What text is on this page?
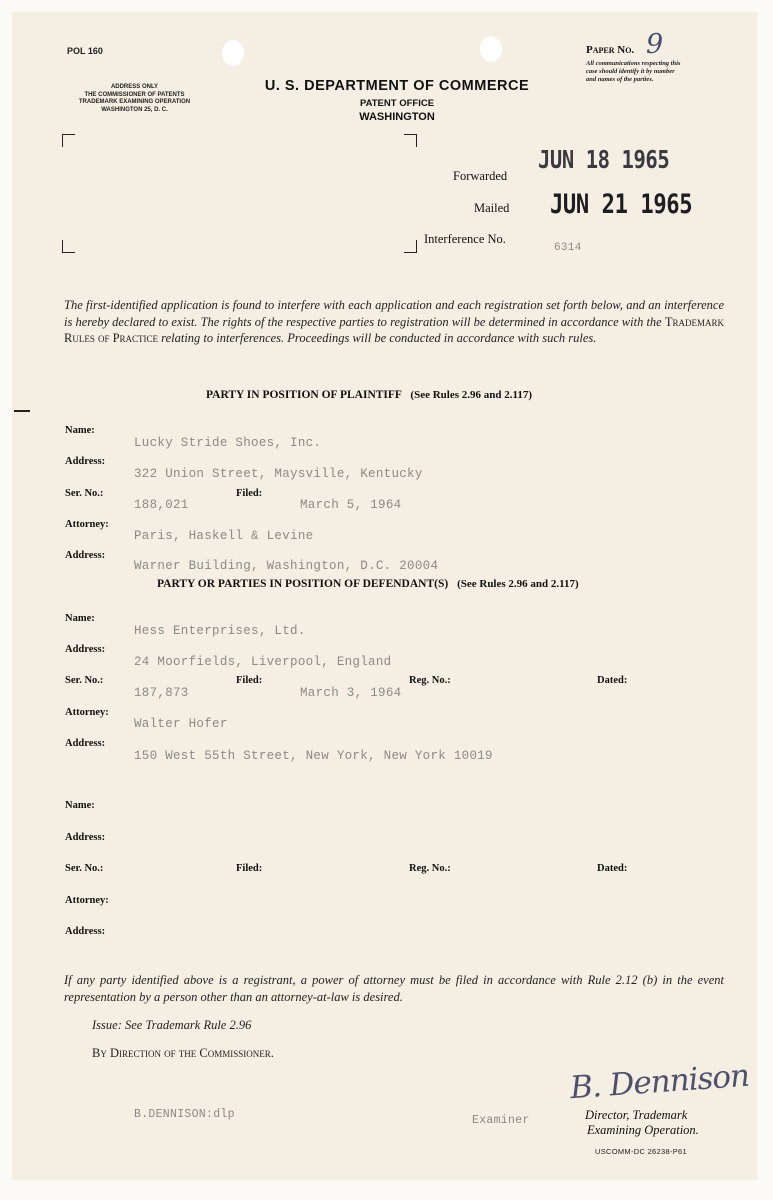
POL 160
ADDRESS ONLY
THE COMMISSIONER OF PATENTS
TRADEMARK EXAMINING OPERATION
WASHINGTON 25, D. C.
U. S. DEPARTMENT OF COMMERCE
PATENT OFFICE
WASHINGTON
Paper No. 9
All communications respecting this
case should identify it by number
and names of the parties.
Forwarded
JUN 18 1965
Mailed JUN 21 1965
Interference No.
6314
The first-identified application is found to interfere with each application and each registration set forth below, and an interference is hereby declared to exist. The rights of the respective parties to registration will be determined in accordance with the Trademark Rules of Practice relating to interferences. Proceedings will be conducted in accordance with such rules.
PARTY IN POSITION OF PLAINTIFF (See Rules 2.96 and 2.117)
Name:
Lucky Stride Shoes, Inc.
Address:
322 Union Street, Maysville, Kentucky
Ser. No.:
188,021
Filed:
March 5, 1964
Attorney:
Paris, Haskell & Levine
Address:
Warner Building, Washington, D.C. 20004
PARTY OR PARTIES IN POSITION OF DEFENDANT(S) (See Rules 2.96 and 2.117)
Name:
Hess Enterprises, Ltd.
Address:
24 Moorfields, Liverpool, England
Ser. No.:
187,873
Filed:
March 3, 1964
Reg. No.:	Dated:
Attorney:
Walter Hofer
Address:
150 West 55th Street, New York, New York 10019
Name:
Address:
Ser. No.:	Filed:	Reg. No.:	Dated:
Attorney:
Address:
If any party identified above is a registrant, a power of attorney must be filed in accordance with Rule 2.12 (b) in the event representation by a person other than an attorney-at-law is desired.
Issue: See Trademark Rule 2.96
By Direction of the Commissioner.
B.DENNISON:dlp	Examiner
B. Dennison
Director, Trademark
Examining Operation.
USCOMM-DC 26238-P61
